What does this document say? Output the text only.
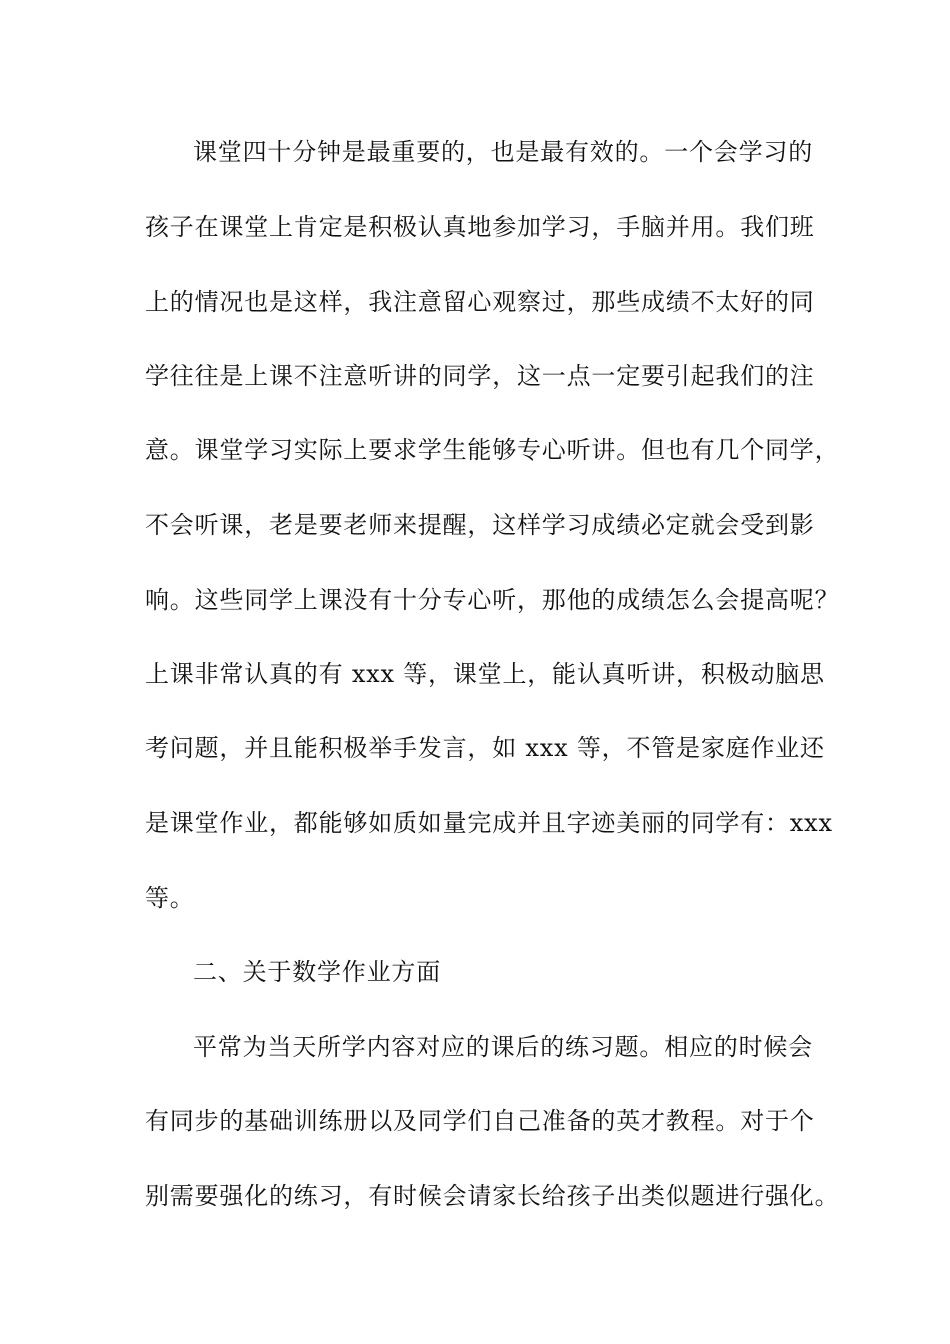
课堂四十分钟是最重要的，也是最有效的。一个会学习的
孩子在课堂上肯定是积极认真地参加学习，手脑并用。我们班
上的情况也是这样，我注意留心观察过，那些成绩不太好的同
学往往是上课不注意听讲的同学，这一点一定要引起我们的注
意。课堂学习实际上要求学生能够专心听讲。但也有几个同学，
不会听课，老是要老师来提醒，这样学习成绩必定就会受到影
响。这些同学上课没有十分专心听，那他的成绩怎么会提高呢？
上课非常认真的有 xxx 等，课堂上，能认真听讲，积极动脑思
考问题，并且能积极举手发言，如 xxx 等，不管是家庭作业还
是课堂作业，都能够如质如量完成并且字迹美丽的同学有：xxx
等。
二、关于数学作业方面
平常为当天所学内容对应的课后的练习题。相应的时候会
有同步的基础训练册以及同学们自己准备的英才教程。对于个
别需要强化的练习，有时候会请家长给孩子出类似题进行强化。
